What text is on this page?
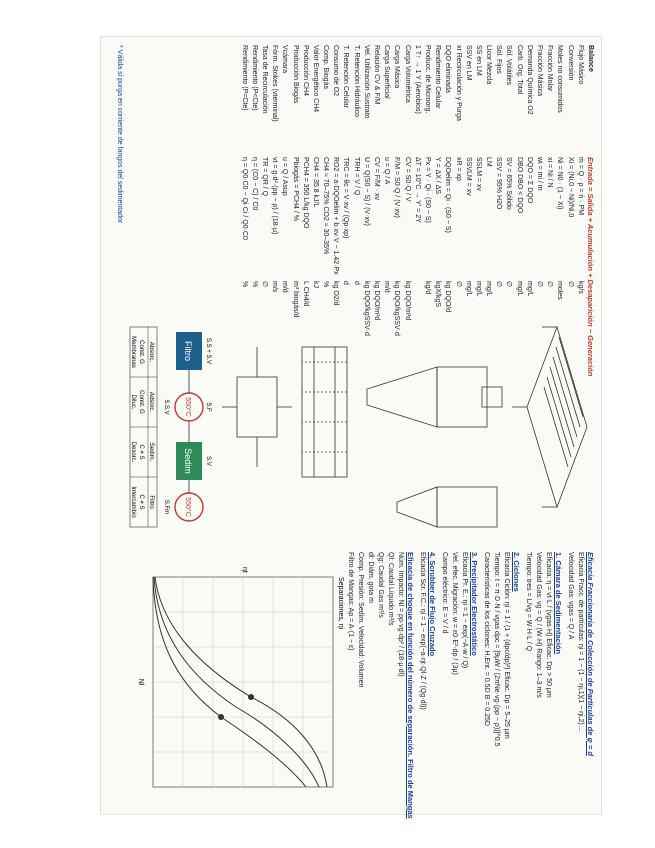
Balance
Flujo Másico
Conversión
Moles no consumidos
Fracción Molar
Fracción Másica
Demanda Química O2
Carb. Org. Total
Sól. Volátiles
Sól. Fijos
Licor Mezcla
SS en LM
SSV en LM
xr Recirculación y Purga
DQO eliminada
Rendimiento Celular
Producc. de Microorg.
1 T↑ → 1 Y (Aerobios)
Carga Volumétrica
Carga Másica
Carga Superficial
Relación CV & F/M
Vel. Utilización Sustrato
T. Retención Hidráulico
T. Retención Celular
Consumo de O2
Comp. Biogás
Valor Energético CH4
Producción CH4
Producción Biogás
Vcámara
Fórm. Stokes (vterminal)
Tasa de Recirculación
Rendimiento (P<Cte)
Rendimiento (P=Cte)
Entrada = Salida + Acumulación + Desaparición − Generación
ṁ = Q · ρ = ṅ · PM
Xi = (Ni,0 − Ni)/Ni,0
Ni = N0 · (1 − Xi)
xi = Ni / N
wi = mi / m
DQO = Σ DQO
DBO DBO < DQO
SV = 65% Sólido
SSV = 95% H2O
LM
SSLM = xv
SSVLM = xv
xR = xp
DQOelim = Qi · (S0 − S)
Y = ΔX / ΔS
Px = Y · Qi · (S0 − S)
ΔT = 10°C → Y' = 2Y
CV = S0·Q / V
F/M = S0·Q / (V·xv)
u = Q / A
CV = F/M · xv
U = Q(S0 − S) / (V·xv)
TRH = V / Q
TRC = θc = V·xv / (Qp·xp)
RO2 = a·DQOelim + b·xv·V − 1.42·Px
CH4 ≈ 70–75% CO2 ≈ 30–35%
CH4 = 35.8 kJ/L
PCH4 = 350 L/kg DQO
Pbiogás = PCH4 / %
u = Q / Asup
vt = g·d²·(ρp − ρ) / (18·μ)
TR = QR / Q
η = (C0 − C) / C0
η = Q0·C0 − Qi·Ci / Q0·C0
kg/s
∅
moles
∅
∅
mg/L
mg/L
∅
∅
mg/L
mg/L
mg/L
∅
kg DQO/d
kgX/kgS
kg/d
kg DQO/m³d
kg DQO/kgSSV·d
m/d
kg DQO/m³d
kg DQO/kgSSV·d
d
d
kg O2/d
%
kJ
L CH4/d
m³ biogás/d
m/d
m/s
∅
%
%
* Válida si purga en corriente de fangos del sedimentador
Filtro
550°C
Sedim
550°C
S.S + S.V
S.F
S.V
S.Fm
S.S.V
Absorc.
Adsorc.
Sedim.
Filtro
Const. G
Const. G
C ≠ S
C ≠ S
Membranas
Diluc.
Desorc.
Intercambio
Eficacia Fraccionaria de Colección de Partículas de φ = d
Eficacia Fracc. de partículas: ηi = 1 − (1 − ηi,1)(1 − ηi,2)…
Velocidad Gas: vgas = Q / A
1. Cámara de Sedimentación
Eficacia: η = vt·L / (vgas·H) Eficac. Dp > 50 μm
Velocidad Gas: vg = Q / (W·H) Rango: 1–3 m/s
Tiempo: tres = L/vg = W·H·L / Q
2. Ciclones
Eficacia Ciclón: ηi = 1 / (1 + (dpc/dp)²) Eficac. Dp = 5–25 μm
Tiempo: t = π·D·N / vgas dpc = [9μW / (2πNe·vg·(ρp − ρ))]^0.5
Características de los ciclones: H.Ent. = 0.5D B = 0.25D
3. Precipitador Electrostático
Eficacia Pr. E.: ηi = 1 − exp(−A·w / Q)
Vel. efec. Migración: w = ε0·E²·dp / (3μ)
Campo eléctrico: E = V / d
4. Scrubber de Flujo Cruzado
Eficacia Scr. F.C.: ηi = 1 − exp(−a·ηt·Ql·Z / (Qg·dl))
Eficacia de choque en función del número de separación. Filtro de Mangas
Núm. Impacto: Nl = ρp·vg·dp² / (18·μ·dl)
Ql: Caudal Líquido m³/s
Qg: Caudal Gas m³/s
dl: Diám. gota m
Comp. Presión: Sedim. Velocidad: Volumen
Filtro de Mangas: Ap = A·(1 − ε)
Separaciones, ηi
Nl
ηt
